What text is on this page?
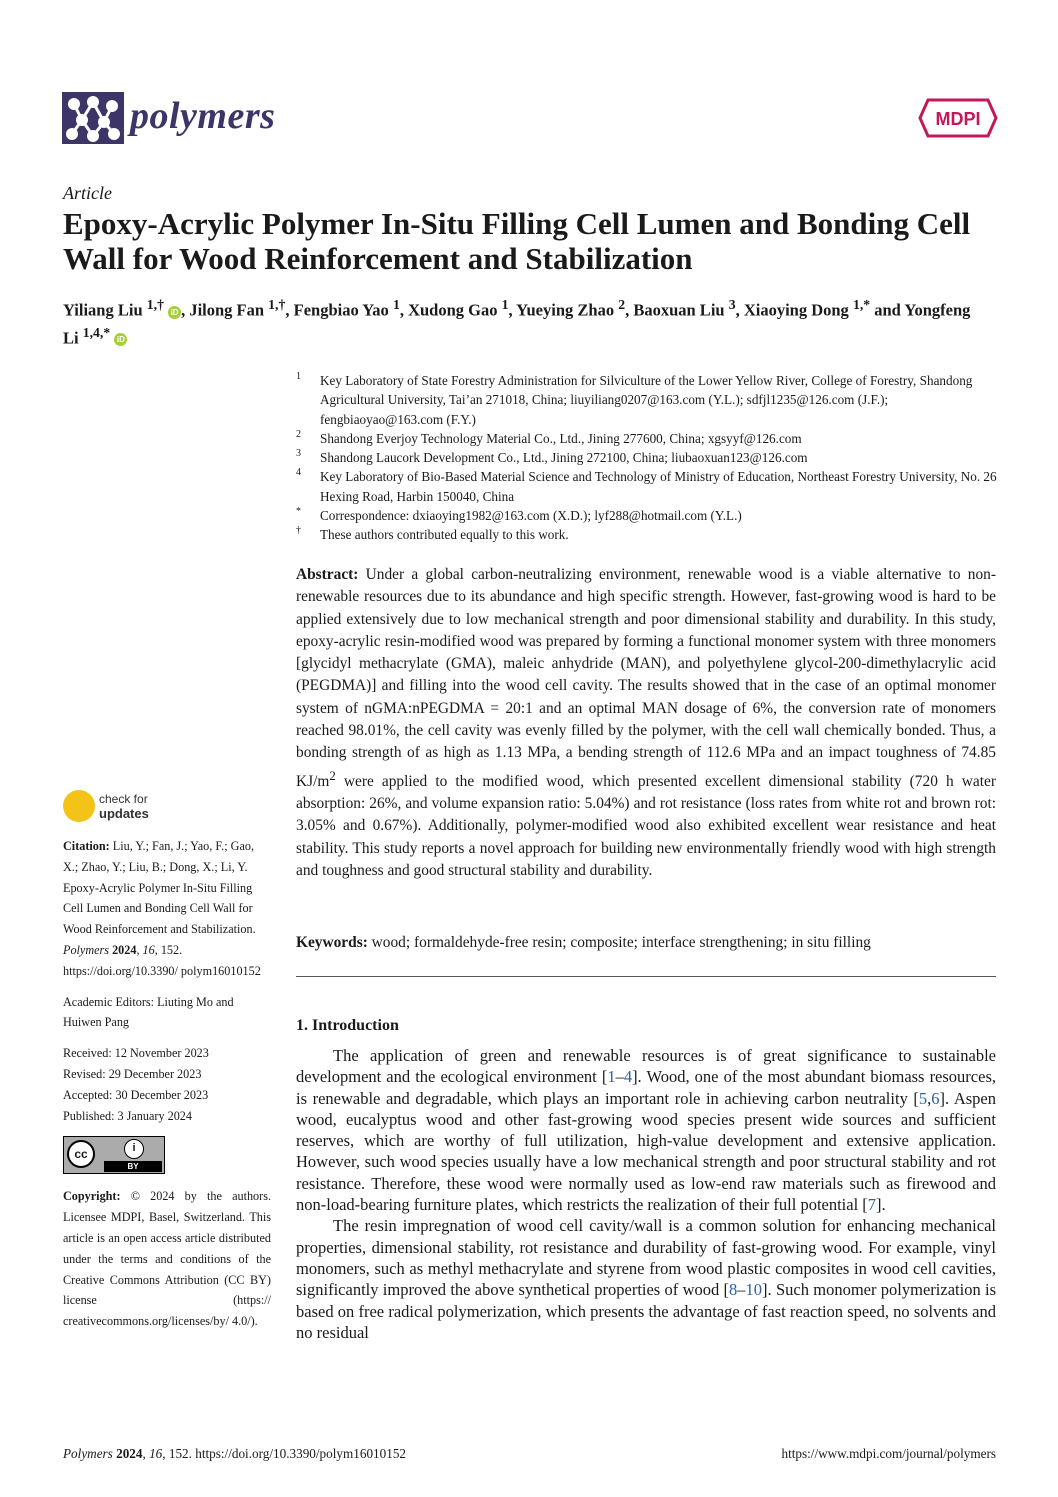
polymers	MDPI
Article
Epoxy-Acrylic Polymer In-Situ Filling Cell Lumen and Bonding Cell Wall for Wood Reinforcement and Stabilization
Yiliang Liu $^{1,\dagger}$ iD , Jilong Fan $^{1,\dagger}$, Fengbiao Yao $^1$, Xudong Gao $^1$, Yueying Zhao $^2$, Baoxuan Liu $^3$, Xiaoying Dong $^{1,*}$ and Yongfeng Li $^{1,4,*}$ iD
1 Key Laboratory of State Forestry Administration for Silviculture of the Lower Yellow River, College of Forestry, Shandong Agricultural University, Tai’an 271018, China; liuyiliang0207@163.com (Y.L.); sdfjl1235@126.com (J.F.); fengbiaoyao@163.com (F.Y.)
2 Shandong Everjoy Technology Material Co., Ltd., Jining 277600, China; xgsyyf@126.com
3 Shandong Laucork Development Co., Ltd., Jining 272100, China; liubaoxuan123@126.com
4 Key Laboratory of Bio-Based Material Science and Technology of Ministry of Education, Northeast Forestry University, No. 26 Hexing Road, Harbin 150040, China
* Correspondence: dxiaoying1982@163.com (X.D.); lyf288@hotmail.com (Y.L.)
† These authors contributed equally to this work.
Abstract: Under a global carbon-neutralizing environment, renewable wood is a viable alternative to non-renewable resources due to its abundance and high specific strength. However, fast-growing wood is hard to be applied extensively due to low mechanical strength and poor dimensional stability and durability. In this study, epoxy-acrylic resin-modified wood was prepared by forming a functional monomer system with three monomers [glycidyl methacrylate (GMA), maleic anhydride (MAN), and polyethylene glycol-200-dimethylacrylic acid (PEGDMA)] and filling into the wood cell cavity. The results showed that in the case of an optimal monomer system of nGMA:nPEGDMA = 20:1 and an optimal MAN dosage of 6%, the conversion rate of monomers reached 98.01%, the cell cavity was evenly filled by the polymer, with the cell wall chemically bonded. Thus, a bonding strength of as high as 1.13 MPa, a bending strength of 112.6 MPa and an impact toughness of 74.85 $KJ/m^2$ were applied to the modified wood, which presented excellent dimensional stability (720 h water absorption: 26%, and volume expansion ratio: 5.04%) and rot resistance (loss rates from white rot and brown rot: 3.05% and 0.67%). Additionally, polymer-modified wood also exhibited excellent wear resistance and heat stability. This study reports a novel approach for building new environmentally friendly wood with high strength and toughness and good structural stability and durability.
Keywords: wood; formaldehyde-free resin; composite; interface strengthening; in situ filling
1. Introduction

The application of green and renewable resources is of great significance to sustainable development and the ecological environment [1–4]. Wood, one of the most abundant biomass resources, is renewable and degradable, which plays an important role in achieving carbon neutrality [5,6]. Aspen wood, eucalyptus wood and other fast-growing wood species present wide sources and sufficient reserves, which are worthy of full utilization, high-value development and extensive application. However, such wood species usually have a low mechanical strength and poor structural stability and rot resistance. Therefore, these wood were normally used as low-end raw materials such as firewood and non-load-bearing furniture plates, which restricts the realization of their full potential [7].

The resin impregnation of wood cell cavity/wall is a common solution for enhancing mechanical properties, dimensional stability, rot resistance and durability of fast-growing wood. For example, vinyl monomers, such as methyl methacrylate and styrene from wood plastic composites in wood cell cavities, significantly improved the above synthetical properties of wood [8–10]. Such monomer polymerization is based on free radical polymerization, which presents the advantage of fast reaction speed, no solvents and no residual

check for
updates
Citation: Liu, Y.; Fan, J.; Yao, F.; Gao, X.; Zhao, Y.; Liu, B.; Dong, X.; Li, Y. Epoxy-Acrylic Polymer In-Situ Filling Cell Lumen and Bonding Cell Wall for Wood Reinforcement and Stabilization. Polymers 2024, 16, 152. https://doi.org/10.3390/ polym16010152
Academic Editors: Liuting Mo and Huiwen Pang
Received: 12 November 2023
Revised: 29 December 2023
Accepted: 30 December 2023
Published: 3 January 2024
cc	i
BY
Copyright: © 2024 by the authors. Licensee MDPI, Basel, Switzerland. This article is an open access article distributed under the terms and conditions of the Creative Commons Attribution (CC BY) license (https:// creativecommons.org/licenses/by/ 4.0/).
Polymers 2024, 16, 152. https://doi.org/10.3390/polym16010152	https://www.mdpi.com/journal/polymers
